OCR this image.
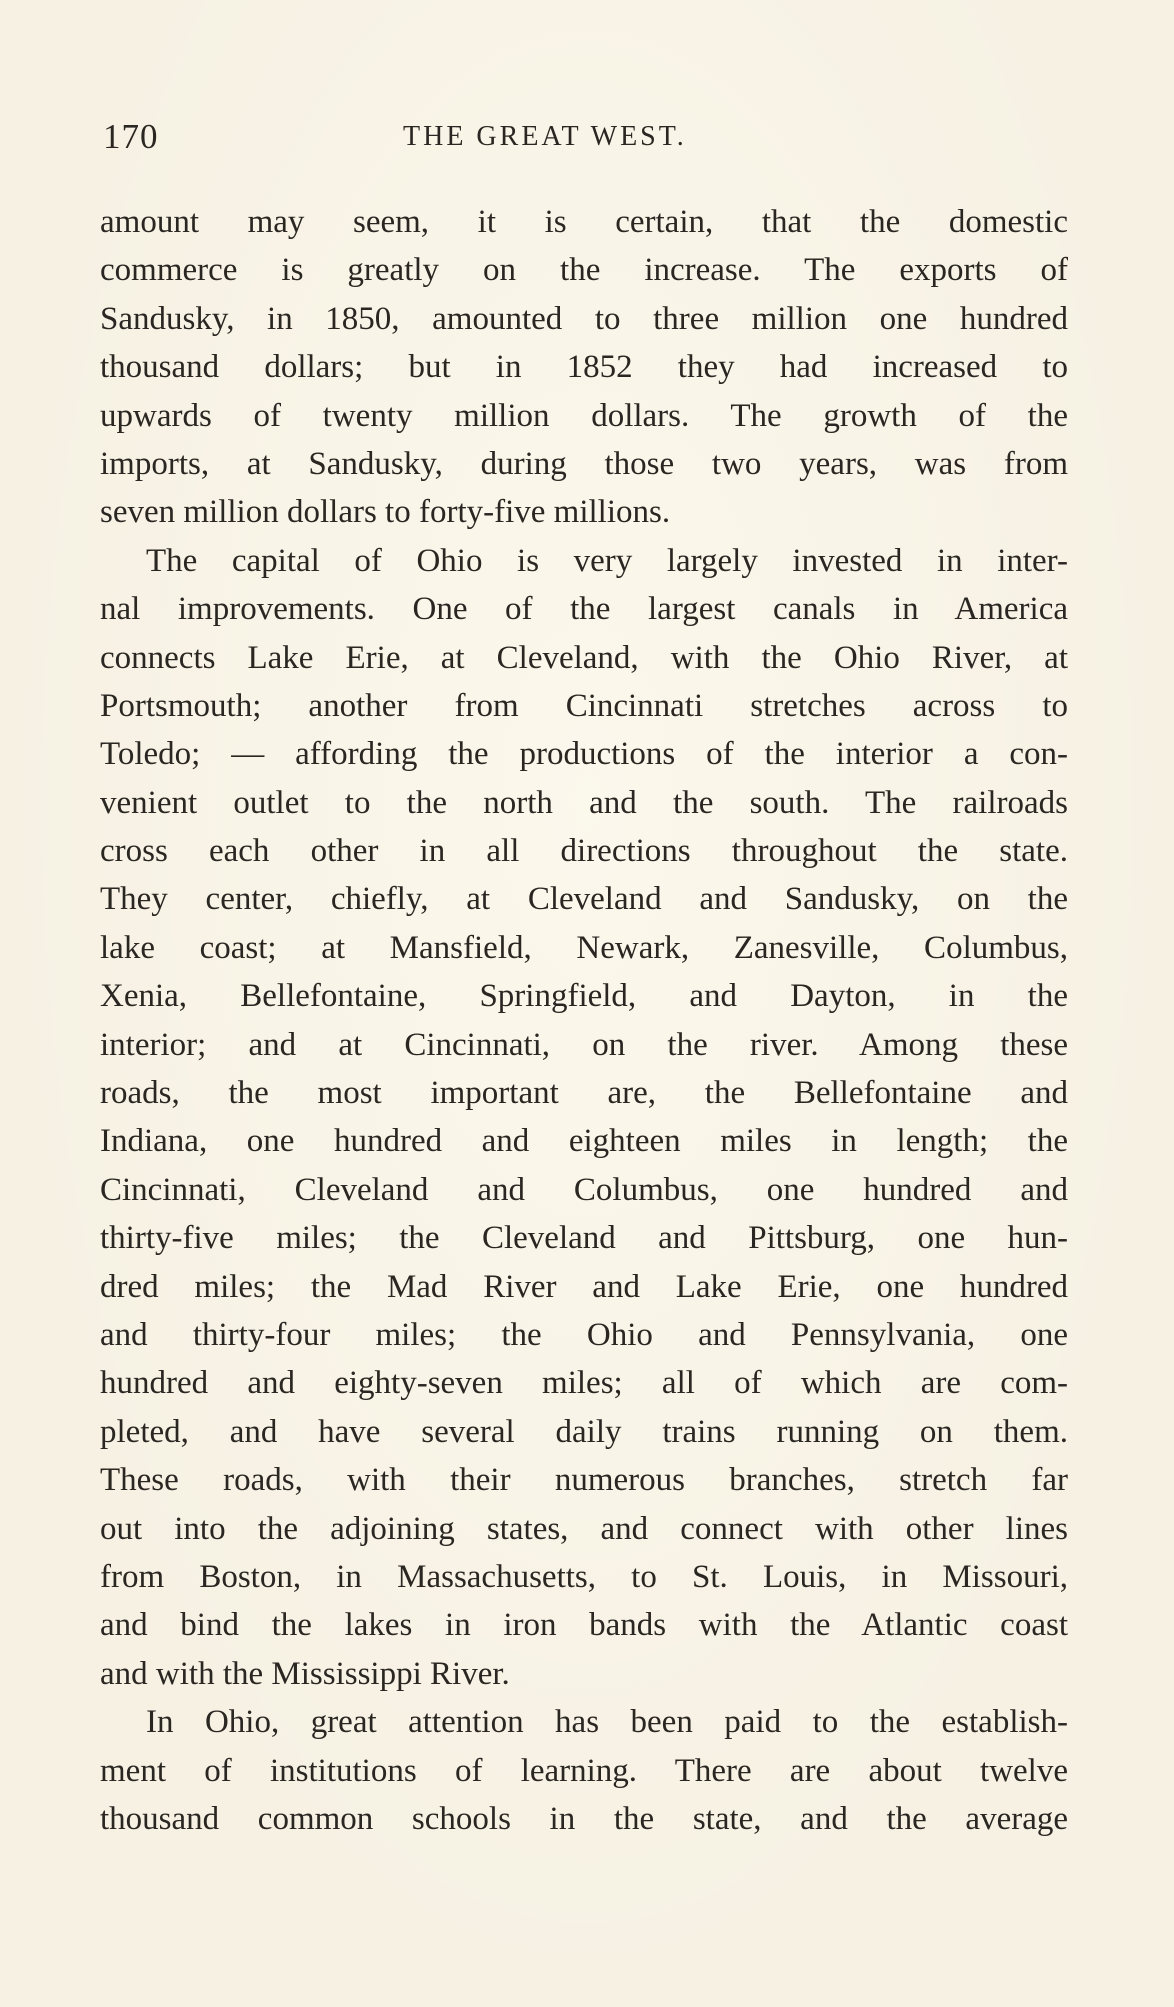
170	THE GREAT WEST.
amount may seem, it is certain, that the domestic
commerce is greatly on the increase. The exports of
Sandusky, in 1850, amounted to three million one hundred
thousand dollars; but in 1852 they had increased to
upwards of twenty million dollars. The growth of the
imports, at Sandusky, during those two years, was from
seven million dollars to forty-five millions.
The capital of Ohio is very largely invested in inter-
nal improvements. One of the largest canals in America
connects Lake Erie, at Cleveland, with the Ohio River, at
Portsmouth; another from Cincinnati stretches across to
Toledo; — affording the productions of the interior a con-
venient outlet to the north and the south. The railroads
cross each other in all directions throughout the state.
They center, chiefly, at Cleveland and Sandusky, on the
lake coast; at Mansfield, Newark, Zanesville, Columbus,
Xenia, Bellefontaine, Springfield, and Dayton, in the
interior; and at Cincinnati, on the river. Among these
roads, the most important are, the Bellefontaine and
Indiana, one hundred and eighteen miles in length; the
Cincinnati, Cleveland and Columbus, one hundred and
thirty-five miles; the Cleveland and Pittsburg, one hun-
dred miles; the Mad River and Lake Erie, one hundred
and thirty-four miles; the Ohio and Pennsylvania, one
hundred and eighty-seven miles; all of which are com-
pleted, and have several daily trains running on them.
These roads, with their numerous branches, stretch far
out into the adjoining states, and connect with other lines
from Boston, in Massachusetts, to St. Louis, in Missouri,
and bind the lakes in iron bands with the Atlantic coast
and with the Mississippi River.
In Ohio, great attention has been paid to the establish-
ment of institutions of learning. There are about twelve
thousand common schools in the state, and the average
